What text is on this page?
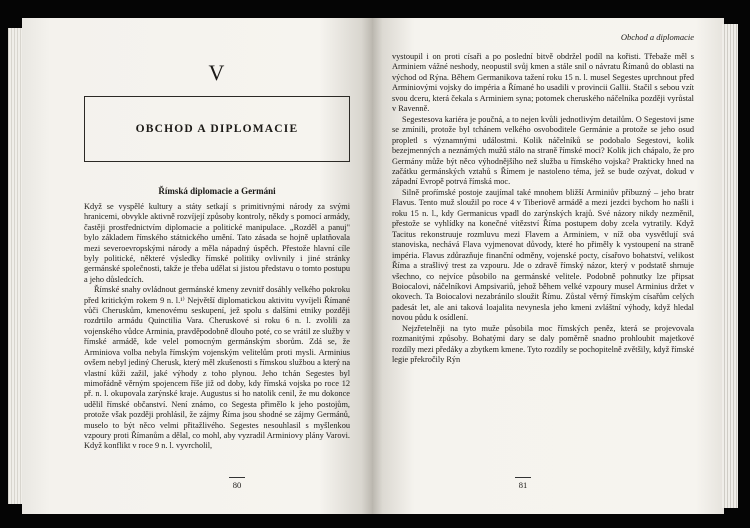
V
OBCHOD A DIPLOMACIE
Římská diplomacie a Germáni

Když se vyspělé kultury a státy setkají s primitivnými národy za svými hranicemi, obvykle aktivně rozvíjejí způsoby kontroly, někdy s pomocí armády, častěji prostřednictvím diplomacie a politické manipulace. „Rozděl a panuj" bylo základem římského státnického umění. Tato zásada se hojně uplatňovala mezi severoevropskými národy a měla nápadný úspěch. Přestože hlavní cíle byly politické, některé výsledky římské politiky ovlivnily i jiné stránky germánské společnosti, takže je třeba udělat si jistou představu o tomto postupu a jeho důsledcích.

Římské snahy ovládnout germánské kmeny zevnitř dosáhly velkého pokroku před kritickým rokem 9 n. l.¹⁾ Největší diplomatickou aktivitu vyvíjeli Římané vůči Cheruskům, kmenovému seskupení, jež spolu s dalšími etniky později rozdrtilo armádu Quinctilia Vara. Cheruskové si roku 6 n. l. zvolili za vojenského vůdce Arminia, pravděpodobně dlouho poté, co se vrátil ze služby v římské armádě, kde velel pomocným germánským sborům. Zdá se, že Arminiova volba nebyla římským vojenským velitelům proti mysli. Arminius ovšem nebyl jediný Cherusk, který měl zkušenosti s římskou službou a který na vlastní kůži zažil, jaké výhody z toho plynou. Jeho tchán Segestes byl mimořádně věrným spojencem říše již od doby, kdy římská vojska po roce 12 př. n. l. okupovala zarýnské kraje. Augustus si ho natolik cenil, že mu dokonce udělil římské občanství. Není známo, co Segesta přimělo k jeho postojům, protože však později prohlásil, že zájmy Říma jsou shodné se zájmy Germánů, muselo to být něco velmi přitažlivého. Segestes nesouhlasil s myšlenkou vzpoury proti Římanům a dělal, co mohl, aby vyzradil Arminiovy plány Varovi. Když konflikt v roce 9 n. l. vyvrcholil,

80
Obchod a diplomacie

vystoupil i on proti císaři a po poslední bitvě obdržel podíl na kořisti. Třebaže měl s Arminiem vážné neshody, neopustil svůj kmen a stále snil o návratu Římanů do oblasti na východ od Rýna. Během Germanikova tažení roku 15 n. l. musel Segestes uprchnout před Arminiovými vojsky do impéria a Římané ho usadili v provincii Gallii. Stačil s sebou vzít svou dceru, která čekala s Arminiem syna; potomek cheruského náčelníka později vyrůstal v Ravenně.

Segestesova kariéra je poučná, a to nejen kvůli jednotlivým detailům. O Segestovi jsme se zmínili, protože byl tchánem velkého osvoboditele Germánie a protože se jeho osud propletl s významnými událostmi. Kolik náčelníků se podobalo Segestovi, kolik bezejmenných a neznámých mužů stálo na straně římské moci? Kolik jich chápalo, že pro Germány může být něco výhodnějšího než služba u římského vojska? Prakticky hned na začátku germánských vztahů s Římem je nastoleno téma, jež se bude ozývat, dokud v západní Evropě potrvá římská moc.

Silně proŕímské postoje zaujímal také mnohem bližší Arminiův příbuzný – jeho bratr Flavus. Tento muž sloužil po roce 4 v Tiberiově armádě a mezi jezdci bychom ho našli i roku 15 n. l., kdy Germanicus vpadl do zarýnských krajů. Své názory nikdy nezměnil, přestože se vyhlídky na konečné vítězství Říma postupem doby zcela vytratily. Když Tacitus rekonstruuje rozmluvu mezi Flavem a Arminiem, v níž oba vysvětlují svá stanoviska, nechává Flava vyjmenovat důvody, které ho přiměly k vystoupení na straně impéria. Flavus zdůrazňuje finanční odměny, vojenské pocty, císařovo bohatství, velikost Říma a strašlivý trest za vzpouru. Jde o zdravě římský názor, který v podstatě shrnuje všechno, co nejvíce působilo na germánské velitele. Podobně pohnutky lze připsat Boiocalovi, náčelníkovi Ampsivariů, jehož během velké vzpoury musel Arminius držet v okovech. Ta Boiocalovi nezabránilo sloužit Římu. Zůstal věrný římským císařům celých padesát let, ale ani taková loajalita nevynesla jeho kmeni zvláštní výhody, když hledal novou půdu k osídlení.

Nejzřetelněji na tyto muže působila moc římských peněz, která se projevovala rozmanitými způsoby. Bohatými dary se daly poměrně snadno prohloubit majetkové rozdíly mezi předáky a zbytkem kmene. Tyto rozdíly se pochopitelně zvětšily, když římské legie překročily Rýn

81
